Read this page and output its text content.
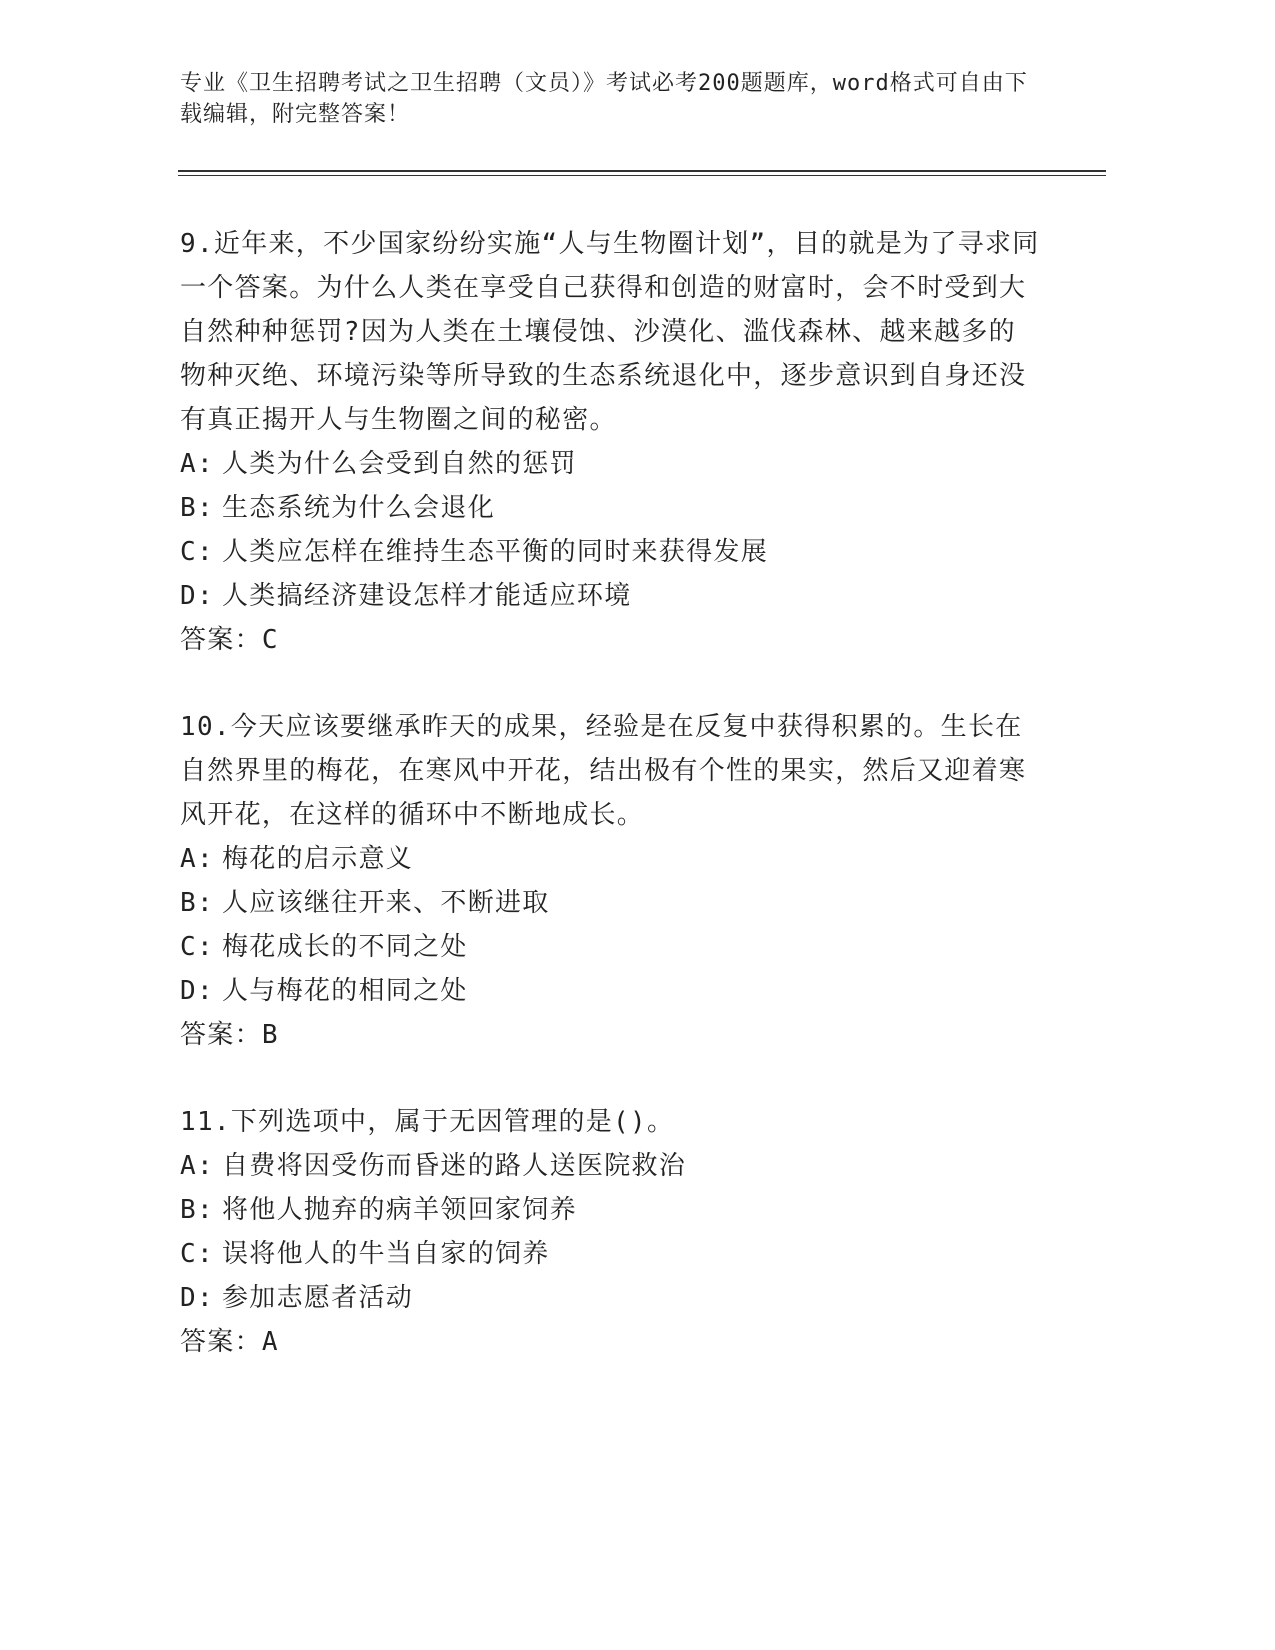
专业《卫生招聘考试之卫生招聘（文员）》考试必考200题题库，word格式可自由下载编辑，附完整答案！
9.近年来，不少国家纷纷实施“人与生物圈计划”，目的就是为了寻求同一个答案。为什么人类在享受自己获得和创造的财富时，会不时受到大自然种种惩罚?因为人类在土壤侵蚀、沙漠化、滥伐森林、越来越多的物种灭绝、环境污染等所导致的生态系统退化中，逐步意识到自身还没有真正揭开人与生物圈之间的秘密。
A: 人类为什么会受到自然的惩罚
B: 生态系统为什么会退化
C: 人类应怎样在维持生态平衡的同时来获得发展
D: 人类搞经济建设怎样才能适应环境
答案：C
10.今天应该要继承昨天的成果，经验是在反复中获得积累的。生长在自然界里的梅花，在寒风中开花，结出极有个性的果实，然后又迎着寒风开花，在这样的循环中不断地成长。
A: 梅花的启示意义
B: 人应该继往开来、不断进取
C: 梅花成长的不同之处
D: 人与梅花的相同之处
答案：B
11.下列选项中，属于无因管理的是()。
A: 自费将因受伤而昏迷的路人送医院救治
B: 将他人抛弃的病羊领回家饲养
C: 误将他人的牛当自家的饲养
D: 参加志愿者活动
答案：A
